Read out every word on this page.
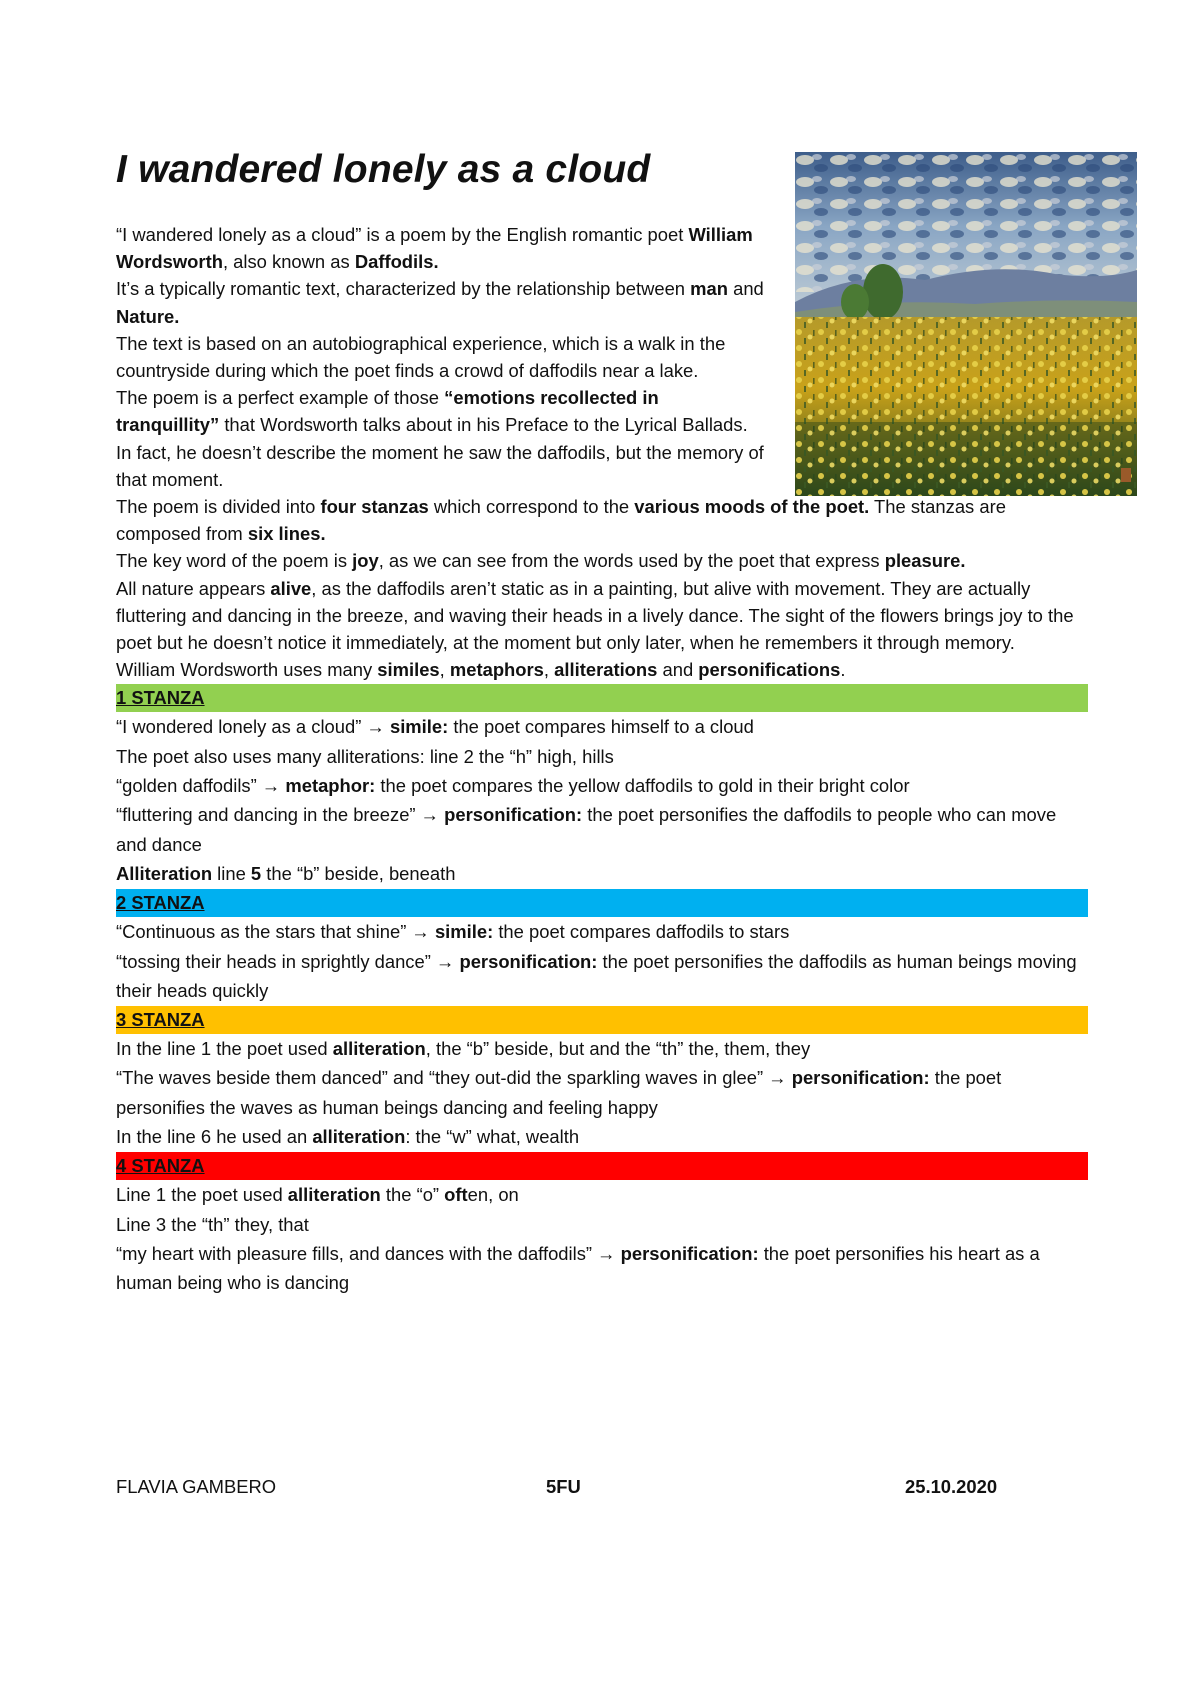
I wandered lonely as a cloud

“I wandered lonely as a cloud” is a poem by the English romantic poet William Wordsworth, also known as Daffodils.

It’s a typically romantic text, characterized by the relationship between man and Nature.

The text is based on an autobiographical experience, which is a walk in the countryside during which the poet finds a crowd of daffodils near a lake.

The poem is a perfect example of those “emotions recollected in tranquillity” that Wordsworth talks about in his Preface to the Lyrical Ballads. In fact, he doesn’t describe the moment he saw the daffodils, but the memory of that moment.

The poem is divided into four stanzas which correspond to the various moods of the poet. The stanzas are composed from six lines.

The key word of the poem is joy, as we can see from the words used by the poet that express pleasure.

All nature appears alive, as the daffodils aren’t static as in a painting, but alive with movement. They are actually fluttering and dancing in the breeze, and waving their heads in a lively dance. The sight of the flowers brings joy to the poet but he doesn’t notice it immediately, at the moment but only later, when he remembers it through memory.

William Wordsworth uses many similes, metaphors, alliterations and personifications.

1 STANZA

“I wondered lonely as a cloud” → simile: the poet compares himself to a cloud

The poet also uses many alliterations: line 2 the “h” high, hills

“golden daffodils” → metaphor: the poet compares the yellow daffodils to gold in their bright color

“fluttering and dancing in the breeze” → personification: the poet personifies the daffodils to people who can move and dance

Alliteration line 5 the “b” beside, beneath

2 STANZA

“Continuous as the stars that shine” → simile: the poet compares daffodils to stars

“tossing their heads in sprightly dance” → personification: the poet personifies the daffodils as human beings moving their heads quickly

3 STANZA

In the line 1 the poet used alliteration, the “b” beside, but and the “th” the, them, they

“The waves beside them danced” and “they out-did the sparkling waves in glee” → personification: the poet personifies the waves as human beings dancing and feeling happy

In the line 6 he used an alliteration: the “w” what, wealth

4 STANZA

Line 1 the poet used alliteration the “o” often, on

Line 3 the “th” they, that

“my heart with pleasure fills, and dances with the daffodils” → personification: the poet personifies his heart as a human being who is dancing

FLAVIA GAMBERO	5FU	25.10.2020
